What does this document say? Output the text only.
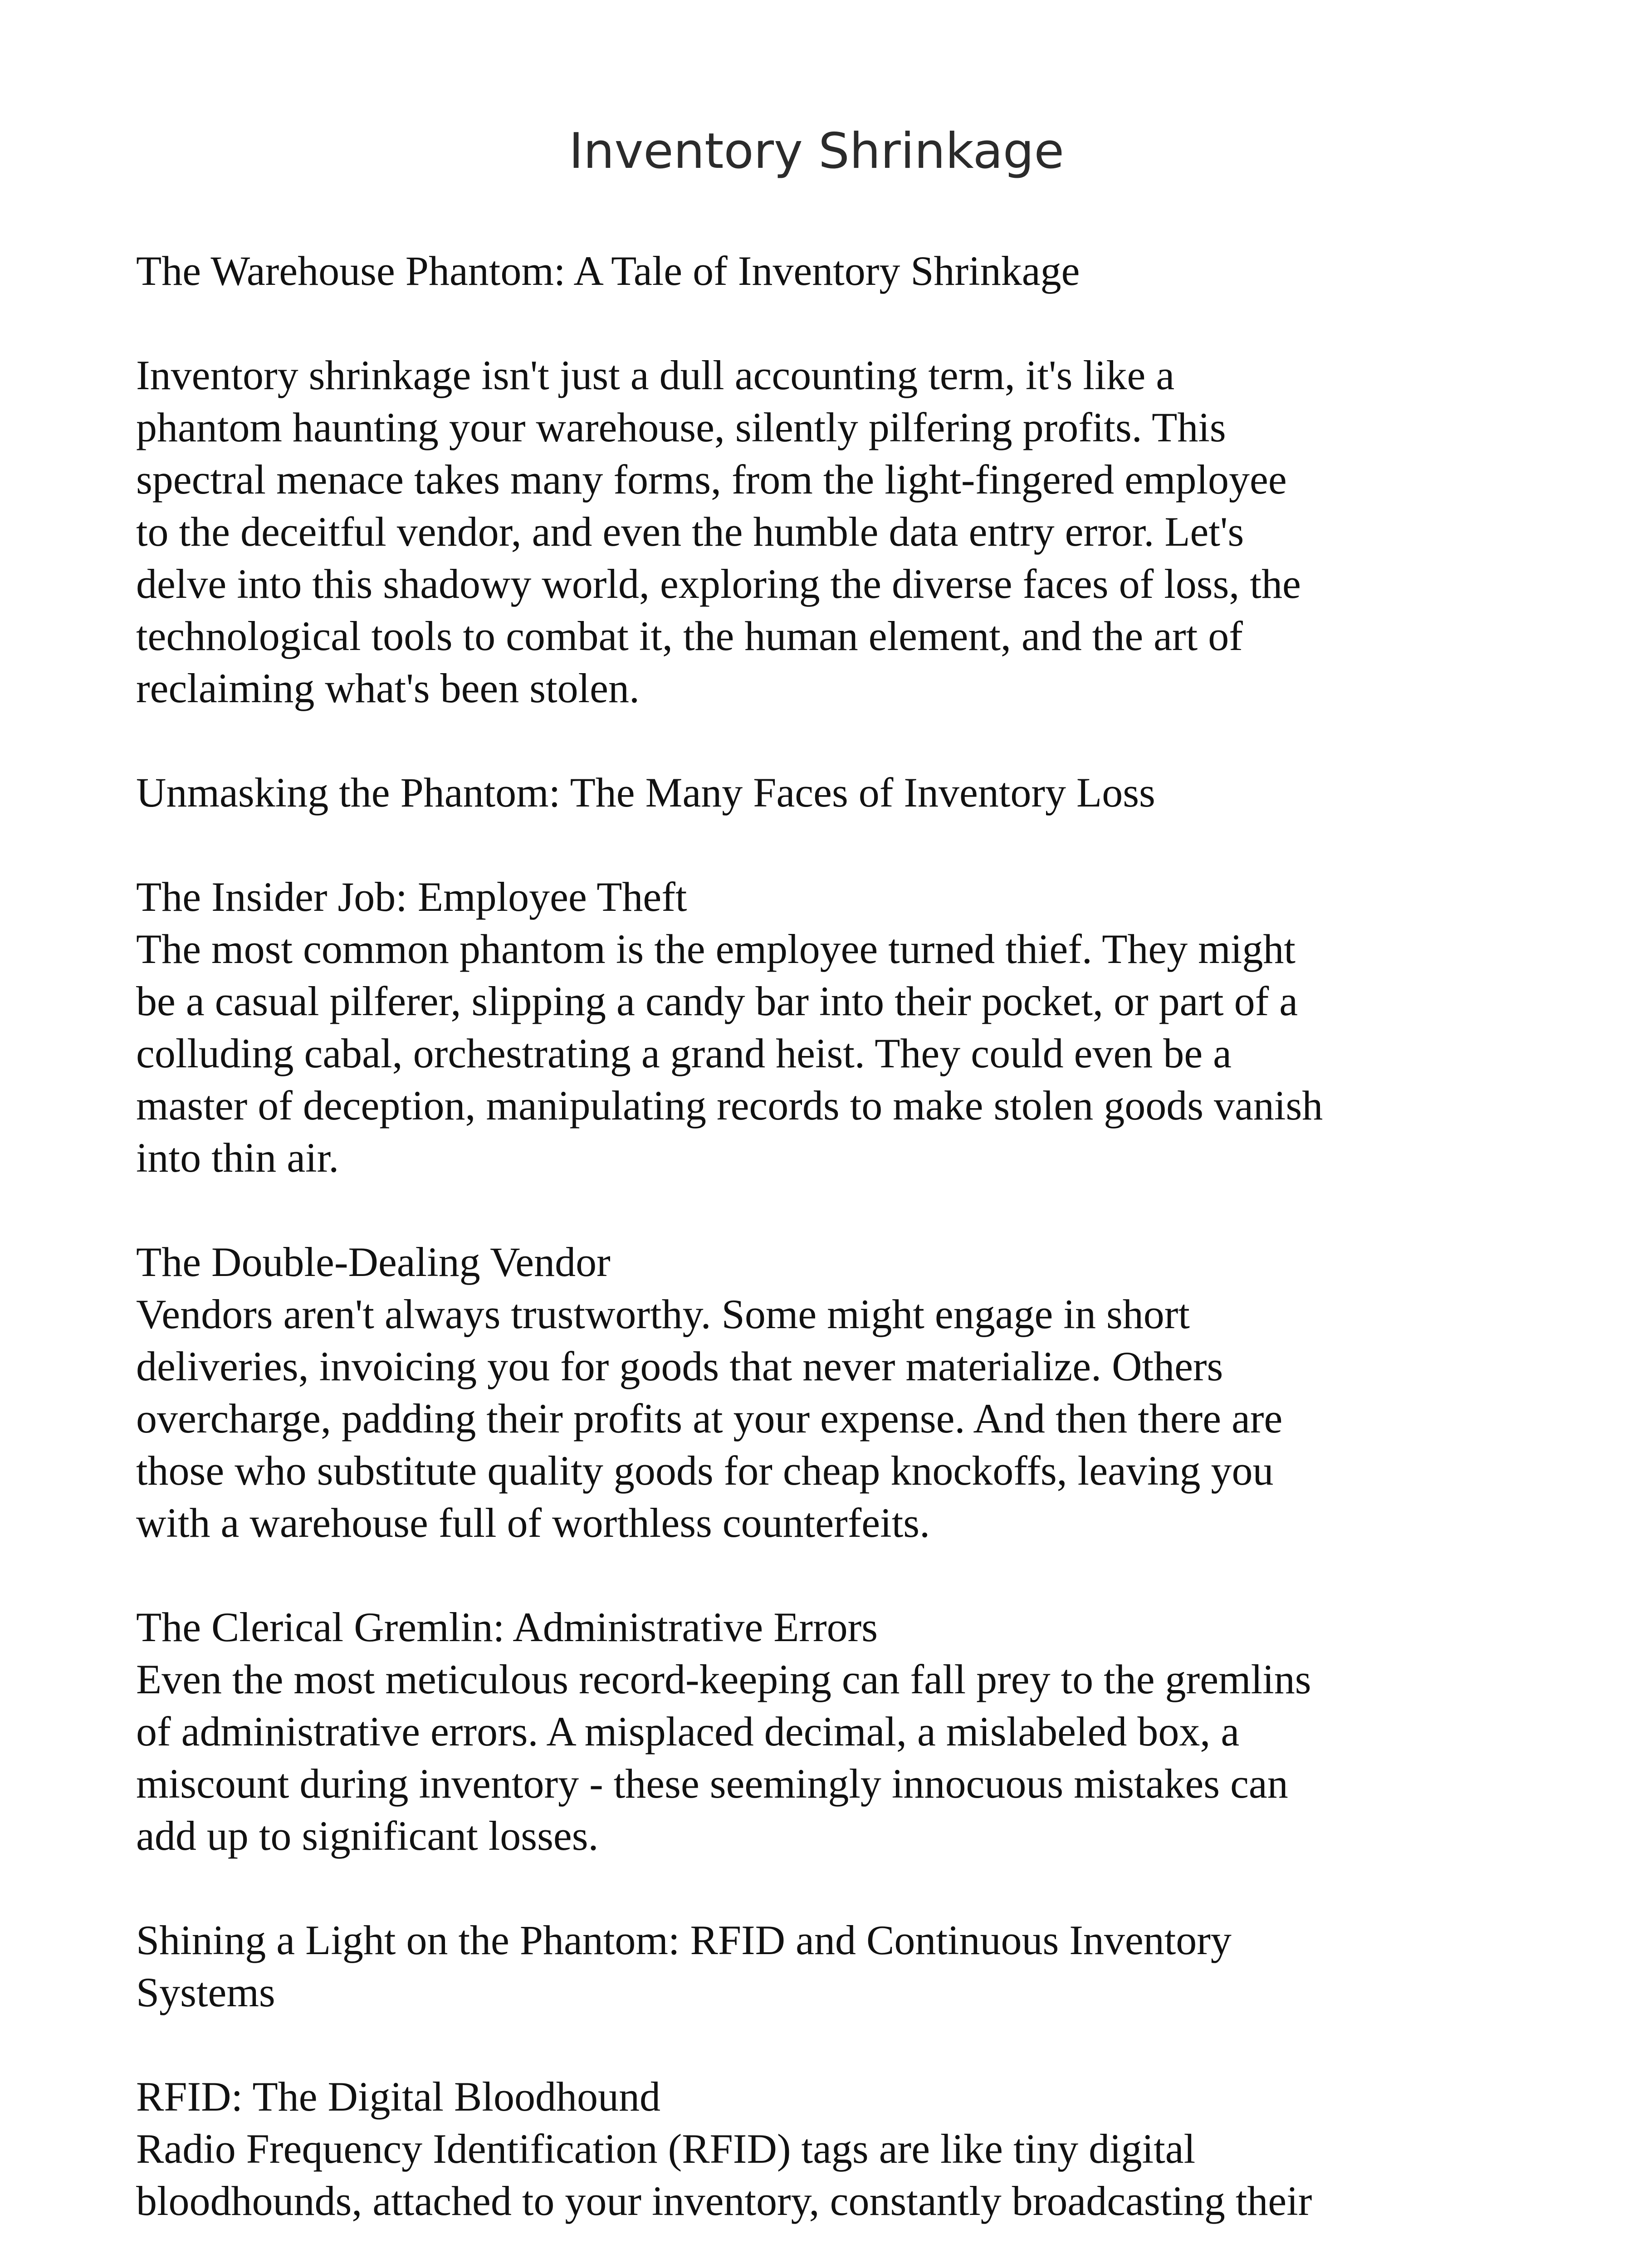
Inventory Shrinkage

The Warehouse Phantom: A Tale of Inventory Shrinkage

Inventory shrinkage isn't just a dull accounting term, it's like a
phantom haunting your warehouse, silently pilfering profits. This
spectral menace takes many forms, from the light-fingered employee
to the deceitful vendor, and even the humble data entry error. Let's
delve into this shadowy world, exploring the diverse faces of loss, the
technological tools to combat it, the human element, and the art of
reclaiming what's been stolen.

Unmasking the Phantom: The Many Faces of Inventory Loss

The Insider Job: Employee Theft

The most common phantom is the employee turned thief. They might
be a casual pilferer, slipping a candy bar into their pocket, or part of a
colluding cabal, orchestrating a grand heist. They could even be a
master of deception, manipulating records to make stolen goods vanish
into thin air.

The Double-Dealing Vendor

Vendors aren't always trustworthy. Some might engage in short
deliveries, invoicing you for goods that never materialize. Others
overcharge, padding their profits at your expense. And then there are
those who substitute quality goods for cheap knockoffs, leaving you
with a warehouse full of worthless counterfeits.

The Clerical Gremlin: Administrative Errors

Even the most meticulous record-keeping can fall prey to the gremlins
of administrative errors. A misplaced decimal, a mislabeled box, a
miscount during inventory - these seemingly innocuous mistakes can
add up to significant losses.

Shining a Light on the Phantom: RFID and Continuous Inventory
Systems

RFID: The Digital Bloodhound

Radio Frequency Identification (RFID) tags are like tiny digital
bloodhounds, attached to your inventory, constantly broadcasting their
